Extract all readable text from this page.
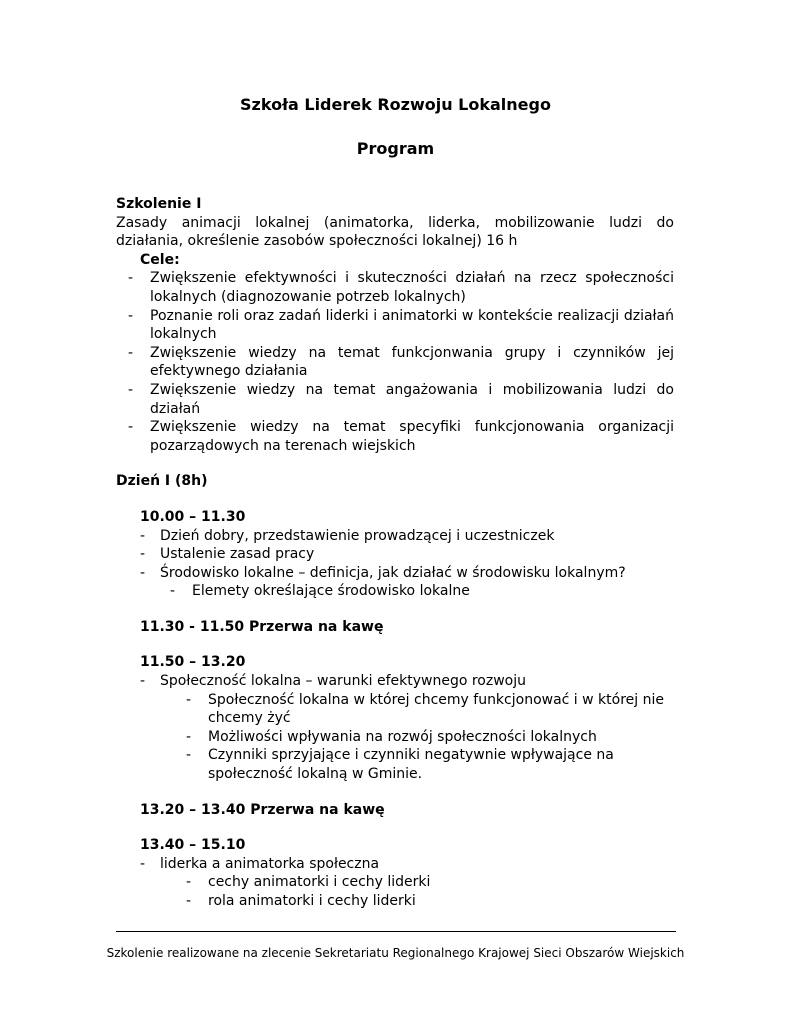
Szkoła Liderek Rozwoju Lokalnego
Program
Szkolenie I
Zasady animacji lokalnej (animatorka, liderka, mobilizowanie ludzi do działania, określenie zasobów społeczności lokalnej) 16 h
Cele:
- Zwiększenie efektywności i skuteczności działań na rzecz społeczności lokalnych (diagnozowanie potrzeb lokalnych)
- Poznanie roli oraz zadań liderki i animatorki w kontekście realizacji działań lokalnych
- Zwiększenie wiedzy na temat funkcjonwania grupy i czynników jej efektywnego działania
- Zwiększenie wiedzy na temat angażowania i mobilizowania ludzi do działań
- Zwiększenie wiedzy na temat specyfiki funkcjonowania organizacji pozarządowych na terenach wiejskich
Dzień I (8h)
10.00 – 11.30
- Dzień dobry, przedstawienie prowadzącej i uczestniczek
- Ustalenie zasad pracy
- Środowisko lokalne – definicja, jak działać w środowisku lokalnym?
- Elemety określające środowisko lokalne
11.30 - 11.50 Przerwa na kawę
11.50 – 13.20
- Społeczność lokalna – warunki efektywnego rozwoju
- Społeczność lokalna w której chcemy funkcjonować i w której nie chcemy żyć
- Możliwości wpływania na rozwój społeczności lokalnych
- Czynniki sprzyjające i czynniki negatywnie wpływające na społeczność lokalną w Gminie.
13.20 – 13.40 Przerwa na kawę
13.40 – 15.10
- liderka a animatorka społeczna
- cechy animatorki i cechy liderki
- rola animatorki i cechy liderki
Szkolenie realizowane na zlecenie Sekretariatu Regionalnego Krajowej Sieci Obszarów Wiejskich
